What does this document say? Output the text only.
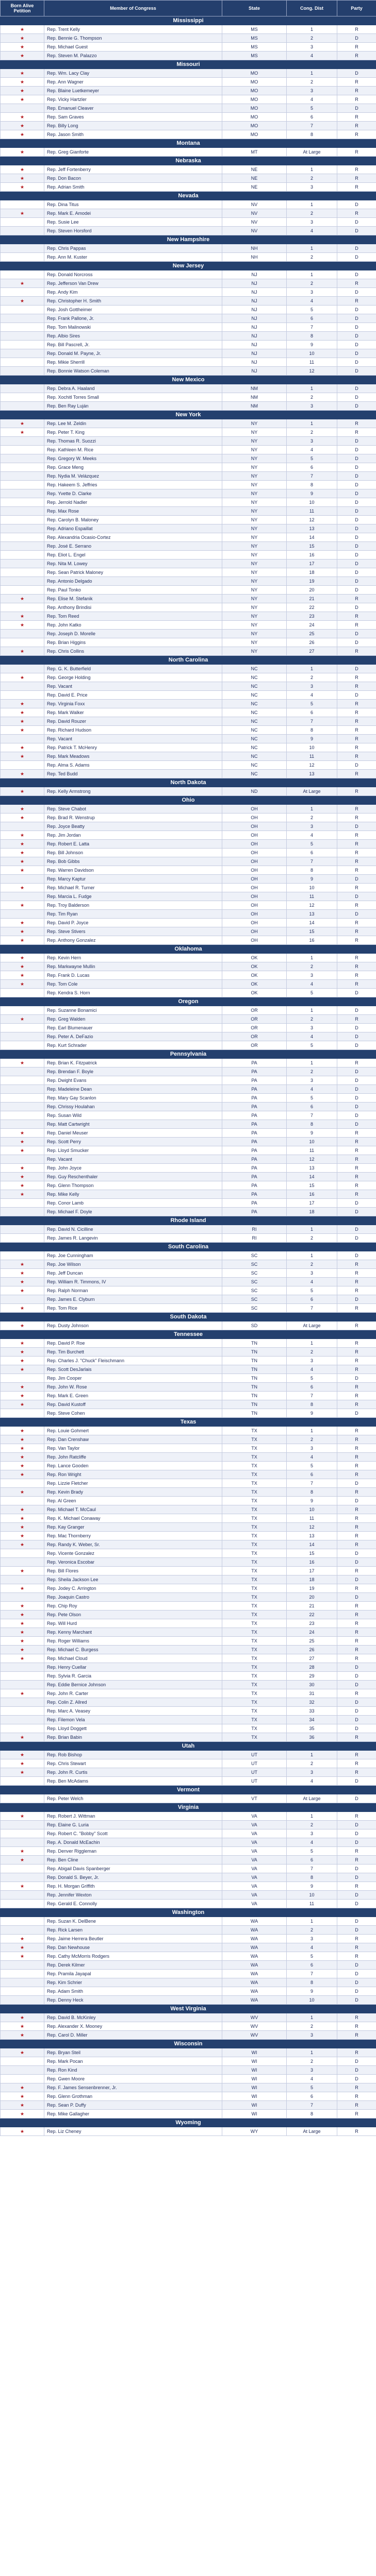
Born Alive Petition	Member of Congress	State	Cong. Dist	Party
Mississippi				
★	Rep. Trent Kelly	MS	1	R
★	Rep. Bennie G. Thompson	MS	2	D
★	Rep. Michael Guest	MS	3	R
★	Rep. Steven M. Palazzo	MS	4	R
Missouri				
★	Rep. Wm. Lacy Clay	MO	1	D
★	Rep. Ann Wagner	MO	2	R
★	Rep. Blaine Luetkemeyer	MO	3	R
★	Rep. Vicky Hartzler	MO	4	R
	Rep. Emanuel Cleaver	MO	5	D
★	Rep. Sam Graves	MO	6	R
★	Rep. Billy Long	MO	7	R
★	Rep. Jason Smith	MO	8	R
Montana				
★	Rep. Greg Gianforte	MT	At Large	R
Nebraska				
★	Rep. Jeff Fortenberry	NE	1	R
★	Rep. Don Bacon	NE	2	R
★	Rep. Adrian Smith	NE	3	R
Nevada				
	Rep. Dina Titus	NV	1	D
★	Rep. Mark E. Amodei	NV	2	R
	Rep. Susie Lee	NV	3	D
	Rep. Steven Horsford	NV	4	D
New Hampshire				
	Rep. Chris Pappas	NH	1	D
	Rep. Ann M. Kuster	NH	2	D
New Jersey				
	Rep. Donald Norcross	NJ	1	D
★	Rep. Jefferson Van Drew	NJ	2	R
	Rep. Andy Kim	NJ	3	D
★	Rep. Christopher H. Smith	NJ	4	R
	Rep. Josh Gottheimer	NJ	5	D
	Rep. Frank Pallone, Jr.	NJ	6	D
	Rep. Tom Malinowski	NJ	7	D
	Rep. Albio Sires	NJ	8	D
	Rep. Bill Pascrell, Jr.	NJ	9	D
	Rep. Donald M. Payne, Jr.	NJ	10	D
	Rep. Mikie Sherrill	NJ	11	D
	Rep. Bonnie Watson Coleman	NJ	12	D
New Mexico				
	Rep. Debra A. Haaland	NM	1	D
	Rep. Xochitl Torres Small	NM	2	D
	Rep. Ben Ray Luján	NM	3	D
New York				
★	Rep. Lee M. Zeldin	NY	1	R
★	Rep. Peter T. King	NY	2	R
	Rep. Thomas R. Suozzi	NY	3	D
	Rep. Kathleen M. Rice	NY	4	D
	Rep. Gregory W. Meeks	NY	5	D
	Rep. Grace Meng	NY	6	D
	Rep. Nydia M. Velázquez	NY	7	D
	Rep. Hakeem S. Jeffries	NY	8	D
	Rep. Yvette D. Clarke	NY	9	D
	Rep. Jerrold Nadler	NY	10	D
	Rep. Max Rose	NY	11	D
	Rep. Carolyn B. Maloney	NY	12	D
	Rep. Adriano Espaillat	NY	13	D
	Rep. Alexandria Ocasio-Cortez	NY	14	D
	Rep. José E. Serrano	NY	15	D
	Rep. Eliot L. Engel	NY	16	D
	Rep. Nita M. Lowey	NY	17	D
	Rep. Sean Patrick Maloney	NY	18	D
	Rep. Antonio Delgado	NY	19	D
	Rep. Paul Tonko	NY	20	D
★	Rep. Elise M. Stefanik	NY	21	R
	Rep. Anthony Brindisi	NY	22	D
★	Rep. Tom Reed	NY	23	R
★	Rep. John Katko	NY	24	R
	Rep. Joseph D. Morelle	NY	25	D
	Rep. Brian Higgins	NY	26	D
★	Rep. Chris Collins	NY	27	R
North Carolina				
	Rep. G. K. Butterfield	NC	1	D
★	Rep. George Holding	NC	2	R
	Rep. Vacant	NC	3	R
	Rep. David E. Price	NC	4	D
★	Rep. Virginia Foxx	NC	5	R
★	Rep. Mark Walker	NC	6	R
★	Rep. David Rouzer	NC	7	R
★	Rep. Richard Hudson	NC	8	R
	Rep. Vacant	NC	9	R
★	Rep. Patrick T. McHenry	NC	10	R
★	Rep. Mark Meadows	NC	11	R
	Rep. Alma S. Adams	NC	12	D
★	Rep. Ted Budd	NC	13	R
North Dakota				
★	Rep. Kelly Armstrong	ND	At Large	R
Ohio				
★	Rep. Steve Chabot	OH	1	R
★	Rep. Brad R. Wenstrup	OH	2	R
	Rep. Joyce Beatty	OH	3	D
★	Rep. Jim Jordan	OH	4	R
★	Rep. Robert E. Latta	OH	5	R
★	Rep. Bill Johnson	OH	6	R
★	Rep. Bob Gibbs	OH	7	R
★	Rep. Warren Davidson	OH	8	R
	Rep. Marcy Kaptur	OH	9	D
★	Rep. Michael R. Turner	OH	10	R
	Rep. Marcia L. Fudge	OH	11	D
★	Rep. Troy Balderson	OH	12	R
	Rep. Tim Ryan	OH	13	D
★	Rep. David P. Joyce	OH	14	R
★	Rep. Steve Stivers	OH	15	R
★	Rep. Anthony Gonzalez	OH	16	R
Oklahoma				
★	Rep. Kevin Hern	OK	1	R
★	Rep. Markwayne Mullin	OK	2	R
★	Rep. Frank D. Lucas	OK	3	R
★	Rep. Tom Cole	OK	4	R
	Rep. Kendra S. Horn	OK	5	D
Oregon				
	Rep. Suzanne Bonamici	OR	1	D
★	Rep. Greg Walden	OR	2	R
	Rep. Earl Blumenauer	OR	3	D
	Rep. Peter A. DeFazio	OR	4	D
	Rep. Kurt Schrader	OR	5	D
Pennsylvania				
★	Rep. Brian K. Fitzpatrick	PA	1	R
	Rep. Brendan F. Boyle	PA	2	D
	Rep. Dwight Evans	PA	3	D
	Rep. Madeleine Dean	PA	4	D
	Rep. Mary Gay Scanlon	PA	5	D
	Rep. Chrissy Houlahan	PA	6	D
	Rep. Susan Wild	PA	7	D
	Rep. Matt Cartwright	PA	8	D
★	Rep. Daniel Meuser	PA	9	R
★	Rep. Scott Perry	PA	10	R
★	Rep. Lloyd Smucker	PA	11	R
	Rep. Vacant	PA	12	R
★	Rep. John Joyce	PA	13	R
★	Rep. Guy Reschenthaler	PA	14	R
★	Rep. Glenn Thompson	PA	15	R
★	Rep. Mike Kelly	PA	16	R
	Rep. Conor Lamb	PA	17	D
	Rep. Michael F. Doyle	PA	18	D
Rhode Island				
	Rep. David N. Cicilline	RI	1	D
	Rep. James R. Langevin	RI	2	D
South Carolina				
	Rep. Joe Cunningham	SC	1	D
★	Rep. Joe Wilson	SC	2	R
★	Rep. Jeff Duncan	SC	3	R
★	Rep. William R. Timmons, IV	SC	4	R
★	Rep. Ralph Norman	SC	5	R
	Rep. James E. Clyburn	SC	6	D
★	Rep. Tom Rice	SC	7	R
South Dakota				
★	Rep. Dusty Johnson	SD	At Large	R
Tennessee				
★	Rep. David P. Roe	TN	1	R
★	Rep. Tim Burchett	TN	2	R
★	Rep. Charles J. "Chuck" Fleischmann	TN	3	R
★	Rep. Scott DesJarlais	TN	4	R
	Rep. Jim Cooper	TN	5	D
★	Rep. John W. Rose	TN	6	R
★	Rep. Mark E. Green	TN	7	R
★	Rep. David Kustoff	TN	8	R
	Rep. Steve Cohen	TN	9	D
Texas				
★	Rep. Louie Gohmert	TX	1	R
★	Rep. Dan Crenshaw	TX	2	R
★	Rep. Van Taylor	TX	3	R
★	Rep. John Ratcliffe	TX	4	R
★	Rep. Lance Gooden	TX	5	R
★	Rep. Ron Wright	TX	6	R
	Rep. Lizzie Fletcher	TX	7	D
★	Rep. Kevin Brady	TX	8	R
	Rep. Al Green	TX	9	D
★	Rep. Michael T. McCaul	TX	10	R
★	Rep. K. Michael Conaway	TX	11	R
★	Rep. Kay Granger	TX	12	R
★	Rep. Mac Thornberry	TX	13	R
★	Rep. Randy K. Weber, Sr.	TX	14	R
	Rep. Vicente Gonzalez	TX	15	D
	Rep. Veronica Escobar	TX	16	D
★	Rep. Bill Flores	TX	17	R
	Rep. Sheila Jackson Lee	TX	18	D
★	Rep. Jodey C. Arrington	TX	19	R
	Rep. Joaquin Castro	TX	20	D
★	Rep. Chip Roy	TX	21	R
★	Rep. Pete Olson	TX	22	R
★	Rep. Will Hurd	TX	23	R
★	Rep. Kenny Marchant	TX	24	R
★	Rep. Roger Williams	TX	25	R
★	Rep. Michael C. Burgess	TX	26	R
★	Rep. Michael Cloud	TX	27	R
	Rep. Henry Cuellar	TX	28	D
	Rep. Sylvia R. Garcia	TX	29	D
	Rep. Eddie Bernice Johnson	TX	30	D
★	Rep. John R. Carter	TX	31	R
	Rep. Colin Z. Allred	TX	32	D
	Rep. Marc A. Veasey	TX	33	D
	Rep. Filemon Vela	TX	34	D
	Rep. Lloyd Doggett	TX	35	D
★	Rep. Brian Babin	TX	36	R
Utah				
★	Rep. Rob Bishop	UT	1	R
★	Rep. Chris Stewart	UT	2	R
★	Rep. John R. Curtis	UT	3	R
	Rep. Ben McAdams	UT	4	D
Vermont				
	Rep. Peter Welch	VT	At Large	D
Virginia				
★	Rep. Robert J. Wittman	VA	1	R
	Rep. Elaine G. Luria	VA	2	D
	Rep. Robert C. "Bobby" Scott	VA	3	D
	Rep. A. Donald McEachin	VA	4	D
★	Rep. Denver Riggleman	VA	5	R
★	Rep. Ben Cline	VA	6	R
	Rep. Abigail Davis Spanberger	VA	7	D
	Rep. Donald S. Beyer, Jr.	VA	8	D
★	Rep. H. Morgan Griffith	VA	9	R
	Rep. Jennifer Wexton	VA	10	D
	Rep. Gerald E. Connolly	VA	11	D
Washington				
	Rep. Suzan K. DelBene	WA	1	D
	Rep. Rick Larsen	WA	2	D
★	Rep. Jaime Herrera Beutler	WA	3	R
★	Rep. Dan Newhouse	WA	4	R
★	Rep. Cathy McMorris Rodgers	WA	5	R
	Rep. Derek Kilmer	WA	6	D
	Rep. Pramila Jayapal	WA	7	D
	Rep. Kim Schrier	WA	8	D
	Rep. Adam Smith	WA	9	D
	Rep. Denny Heck	WA	10	D
West Virginia				
★	Rep. David B. McKinley	WV	1	R
★	Rep. Alexander X. Mooney	WV	2	R
★	Rep. Carol D. Miller	WV	3	R
Wisconsin				
★	Rep. Bryan Steil	WI	1	R
	Rep. Mark Pocan	WI	2	D
	Rep. Ron Kind	WI	3	D
	Rep. Gwen Moore	WI	4	D
★	Rep. F. James Sensenbrenner, Jr.	WI	5	R
★	Rep. Glenn Grothman	WI	6	R
★	Rep. Sean P. Duffy	WI	7	R
★	Rep. Mike Gallagher	WI	8	R
Wyoming				
★	Rep. Liz Cheney	WY	At Large	R
